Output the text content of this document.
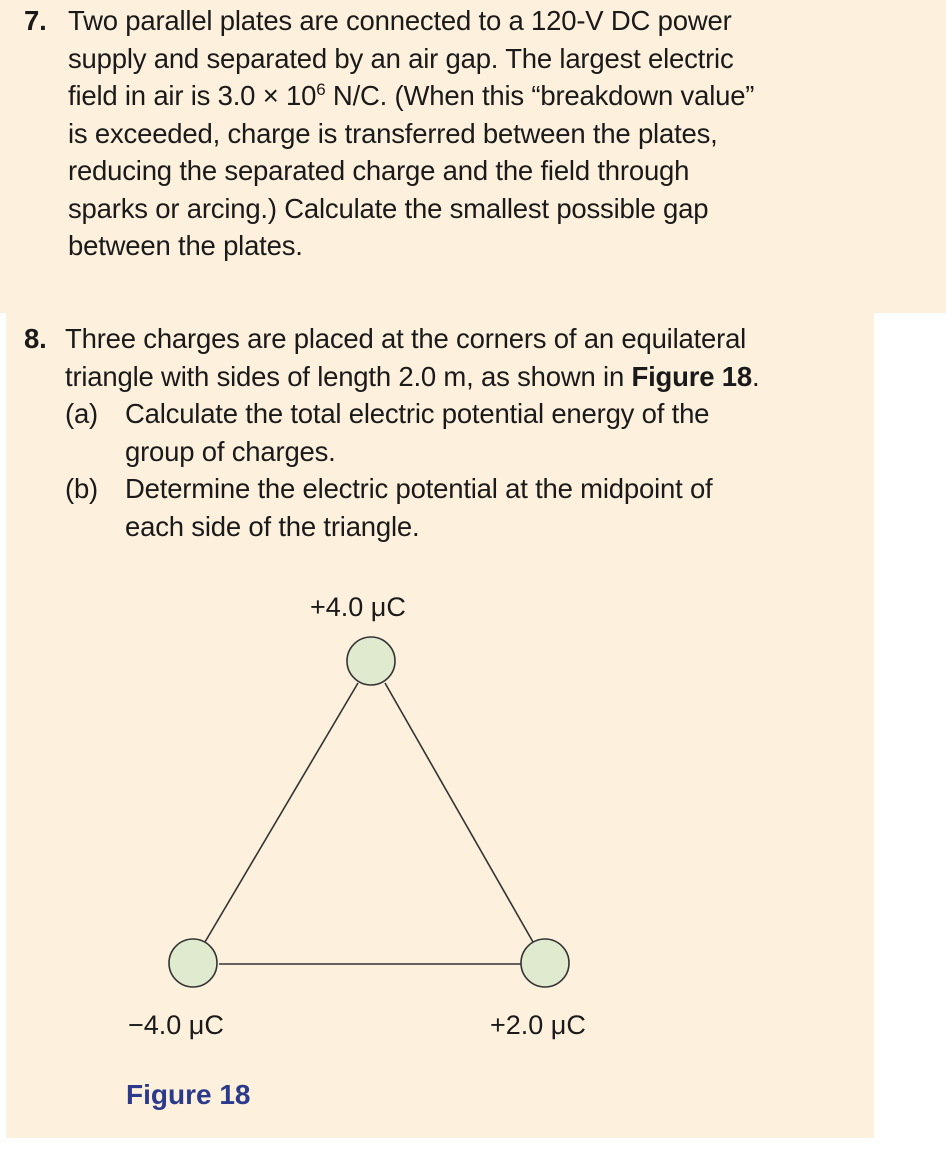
7. Two parallel plates are connected to a 120-V DC power
supply and separated by an air gap. The largest electric
field in air is $3.0 \times 10^6$ N/C. (When this “breakdown value”
is exceeded, charge is transferred between the plates,
reducing the separated charge and the field through
sparks or arcing.) Calculate the smallest possible gap
between the plates.
8. Three charges are placed at the corners of an equilateral
triangle with sides of length 2.0 m, as shown in Figure 18.
(a) Calculate the total electric potential energy of the
group of charges.
(b) Determine the electric potential at the midpoint of
each side of the triangle.
+4.0 μC
−4.0 μC	+2.0 μC
Figure 18
